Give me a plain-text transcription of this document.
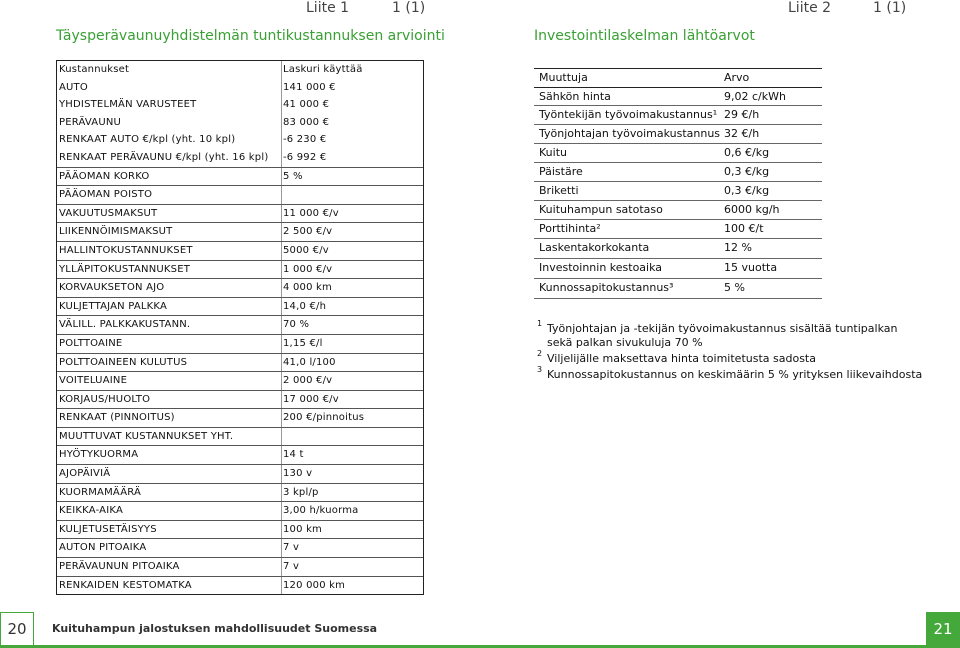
Liite 1	1 (1)
Täysperävaunuyhdistelmän tuntikustannuksen arviointi
Liite 2	1 (1)
Investointilaskelman lähtöarvot
Kustannukset	Laskuri käyttää
AUTO	141 000 €
YHDISTELMÄN VARUSTEET	41 000 €
PERÄVAUNU	83 000 €
RENKAAT AUTO €/kpl (yht. 10 kpl)	-6 230 €
RENKAAT PERÄVAUNU €/kpl (yht. 16 kpl) -6 992 €
PÄÄOMAN KORKO	5 %
PÄÄOMAN POISTO
VAKUUTUSMAKSUT	11 000 €/v
LIIKENNÖIMISMAKSUT	2 500 €/v
HALLINTOKUSTANNUKSET	5000 €/v
YLLÄPITOKUSTANNUKSET	1 000 €/v
KORVAUKSETON AJO	4 000 km
KULJETTAJAN PALKKA	14,0 €/h
VÄLILL. PALKKAKUSTANN.	70 %
POLTTOAINE	1,15 €/l
POLTTOAINEEN KULUTUS	41,0 l/100
VOITELUAINE	2 000 €/v
KORJAUS/HUOLTO	17 000 €/v
RENKAAT (PINNOITUS)	200 €/pinnoitus
MUUTTUVAT KUSTANNUKSET YHT.
HYÖTYKUORMA	14 t
AJOPÄIVIÄ	130 v
KUORMAMÄÄRÄ	3 kpl/p
KEIKKA-AIKA	3,00 h/kuorma
KULJETUSETÄISYYS	100 km
AUTON PITOAIKA	7 v
PERÄVAUNUN PITOAIKA	7 v
RENKAIDEN KESTOMATKA	120 000 km
Muuttuja	Arvo
Sähkön hinta	9,02 c/kWh
Työntekijän työvoimakustannus¹ 29 €/h
Työnjohtajan työvoimakustannus 32 €/h
Kuitu	0,6 €/kg
Päistäre	0,3 €/kg
Briketti	0,3 €/kg
Kuituhampun satotaso	6000 kg/h
Porttihinta²	100 €/t
Laskentakorkokanta	12 %
Investoinnin kestoaika	15 vuotta
Kunnossapitokustannus³	5 %
1 Työnjohtajan ja -tekijän työvoimakustannus sisältää tuntipalkan
sekä palkan sivukuluja 70 %
2 Viljelijälle maksettava hinta toimitetusta sadosta
3 Kunnossapitokustannus on keskimäärin 5 % yrityksen liikevaihdosta
20	Kuituhampun jalostuksen mahdollisuudet Suomessa	21
